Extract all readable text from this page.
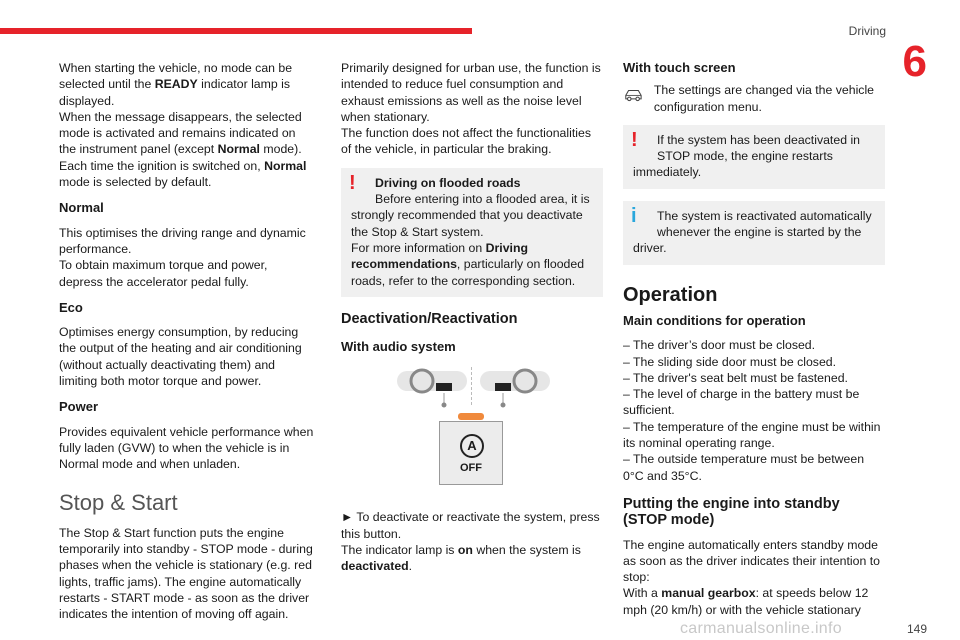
Driving
6

When starting the vehicle, no mode can be selected until the READY indicator lamp is displayed.

When the message disappears, the selected mode is activated and remains indicated on the instrument panel (except Normal mode).

Each time the ignition is switched on, Normal mode is selected by default.

Normal

This optimises the driving range and dynamic performance.

To obtain maximum torque and power, depress the accelerator pedal fully.

Eco

Optimises energy consumption, by reducing the output of the heating and air conditioning (without actually deactivating them) and limiting both motor torque and power.

Power

Provides equivalent vehicle performance when fully laden (GVW) to when the vehicle is in Normal mode and when unladen.

Stop & Start

The Stop & Start function puts the engine temporarily into standby - STOP mode - during phases when the vehicle is stationary (e.g. red lights, traffic jams). The engine automatically restarts - START mode - as soon as the driver indicates the intention of moving off again.

Primarily designed for urban use, the function is intended to reduce fuel consumption and exhaust emissions as well as the noise level when stationary.

The function does not affect the functionalities of the vehicle, in particular the braking.

!	Driving on flooded roads

Before entering into a flooded area, it is strongly recommended that you deactivate the Stop & Start system.

For more information on Driving recommendations, particularly on flooded roads, refer to the corresponding section.

Deactivation/Reactivation
With audio system
A
OFF

► To deactivate or reactivate the system, press this button.

The indicator lamp is on when the system is deactivated.

With touch screen

The settings are changed via the vehicle configuration menu.

!	If the system has been deactivated in STOP mode, the engine restarts immediately.

i	The system is reactivated automatically whenever the engine is started by the driver.

Operation
Main conditions for operation

– The driver’s door must be closed.

– The sliding side door must be closed.

– The driver's seat belt must be fastened.

– The level of charge in the battery must be sufficient.

– The temperature of the engine must be within its nominal operating range.

– The outside temperature must be between 0°C and 35°C.

Putting the engine into standby (STOP mode)

The engine automatically enters standby mode as soon as the driver indicates their intention to stop:

With a manual gearbox: at speeds below 12 mph (20 km/h) or with the vehicle stationary

carmanualsonline.info	149
